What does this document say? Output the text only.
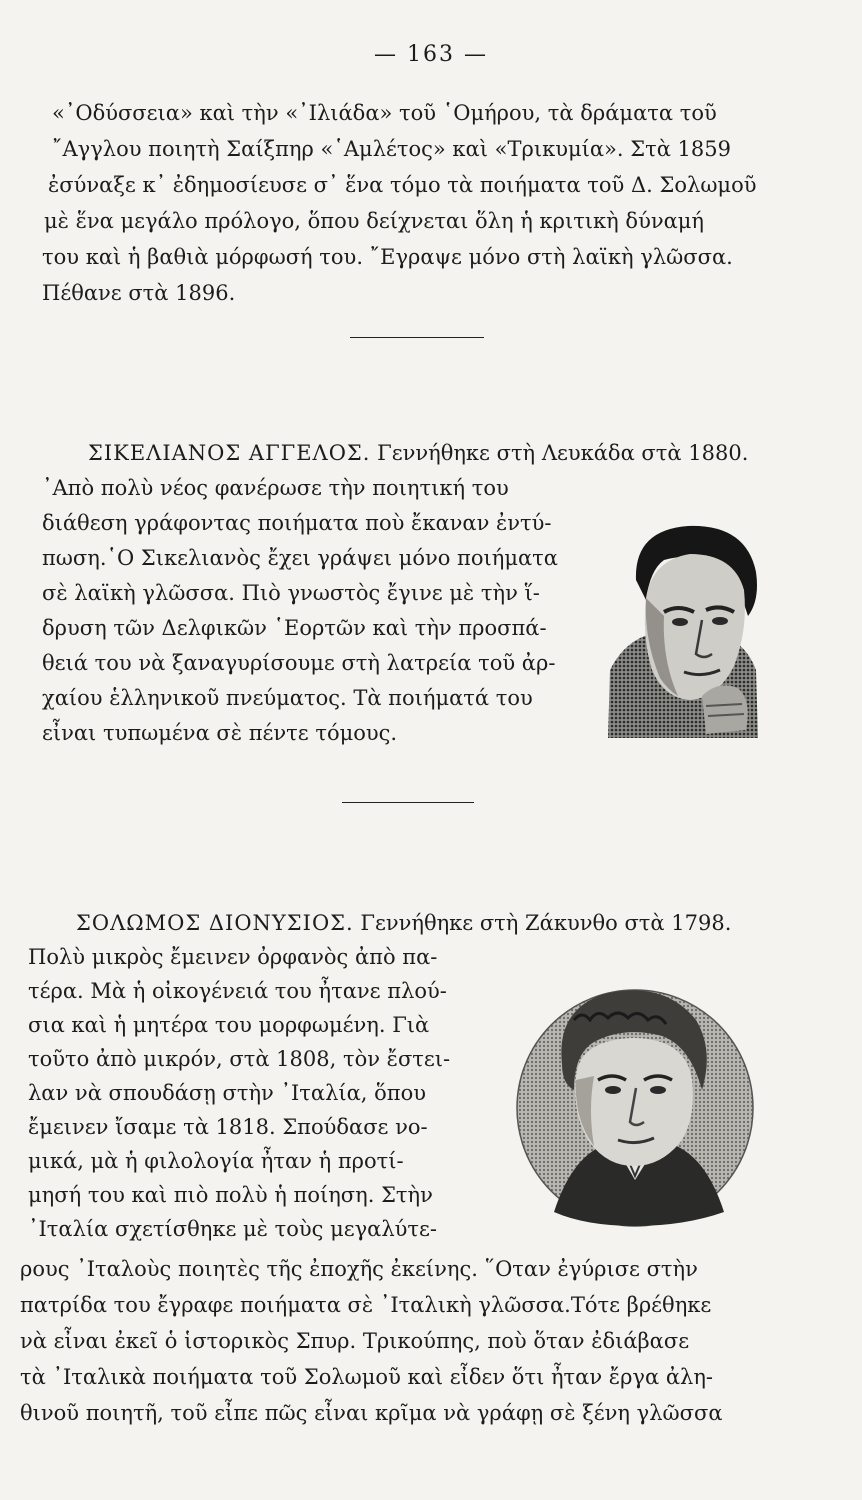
— 163 —
«᾿Οδύσσεια» καὶ τὴν «᾿Ιλιάδα» τοῦ ῾Ομήρου, τὰ δράματα τοῦ
῎Αγγλου ποιητὴ Σαίξπηρ «῾Αμλέτος» καὶ «Τρικυμία». Στὰ 1859
ἐσύναξε κ᾿ ἐδημοσίευσε σ᾿ ἕνα τόμο τὰ ποιήματα τοῦ Δ. Σολωμοῦ
μὲ ἕνα μεγάλο πρόλογο, ὅπου δείχνεται ὅλη ἡ κριτικὴ δύναμή
του καὶ ἡ βαθιὰ μόρφωσή του. ῎Εγραψε μόνο στὴ λαϊκὴ γλῶσσα.
Πέθανε στὰ 1896.
ΣΙΚΕΛΙΑΝΟΣ ΑΓΓΕΛΟΣ. Γεννήθηκε στὴ Λευκάδα στὰ 1880.
᾿Απὸ πολὺ νέος φανέρωσε τὴν ποιητική του
διάθεση γράφοντας ποιήματα ποὺ ἔκαναν ἐντύ-
πωση.῾Ο Σικελιανὸς ἔχει γράψει μόνο ποιήματα
σὲ λαϊκὴ γλῶσσα. Πιὸ γνωστὸς ἔγινε μὲ τὴν ἵ-
δρυση τῶν Δελφικῶν ῾Εορτῶν καὶ τὴν προσπά-
θειά του νὰ ξαναγυρίσουμε στὴ λατρεία τοῦ ἀρ-
χαίου ἑλληνικοῦ πνεύματος. Τὰ ποιήματά του
εἶναι τυπωμένα σὲ πέντε τόμους.
ΣΟΛΩΜΟΣ ΔΙΟΝΥΣΙΟΣ. Γεννήθηκε στὴ Ζάκυνθο στὰ 1798.
Πολὺ μικρὸς ἔμεινεν ὀρφανὸς ἀπὸ πα-
τέρα. Μὰ ἡ οἰκογένειά του ἦτανε πλού-
σια καὶ ἡ μητέρα του μορφωμένη. Γιὰ
τοῦτο ἀπὸ μικρόν, στὰ 1808, τὸν ἔστει-
λαν νὰ σπουδάσῃ στὴν ᾿Ιταλία, ὅπου
ἔμεινεν ἴσαμε τὰ 1818. Σπούδασε νο-
μικά, μὰ ἡ φιλολογία ἦταν ἡ προτί-
μησή του καὶ πιὸ πολὺ ἡ ποίηση. Στὴν
᾿Ιταλία σχετίσθηκε μὲ τοὺς μεγαλύτε-
ρους ᾿Ιταλοὺς ποιητὲς τῆς ἐποχῆς ἐκείνης. ῞Οταν ἐγύρισε στὴν
πατρίδα του ἔγραφε ποιήματα σὲ ᾿Ιταλικὴ γλῶσσα.Τότε βρέθηκε
νὰ εἶναι ἐκεῖ ὁ ἱστορικὸς Σπυρ. Τρικούπης, ποὺ ὅταν ἐδιάβασε
τὰ ᾿Ιταλικὰ ποιήματα τοῦ Σολωμοῦ καὶ εἶδεν ὅτι ἦταν ἔργα ἀλη-
θινοῦ ποιητῆ, τοῦ εἶπε πῶς εἶναι κρῖμα νὰ γράφῃ σὲ ξένη γλῶσσα
